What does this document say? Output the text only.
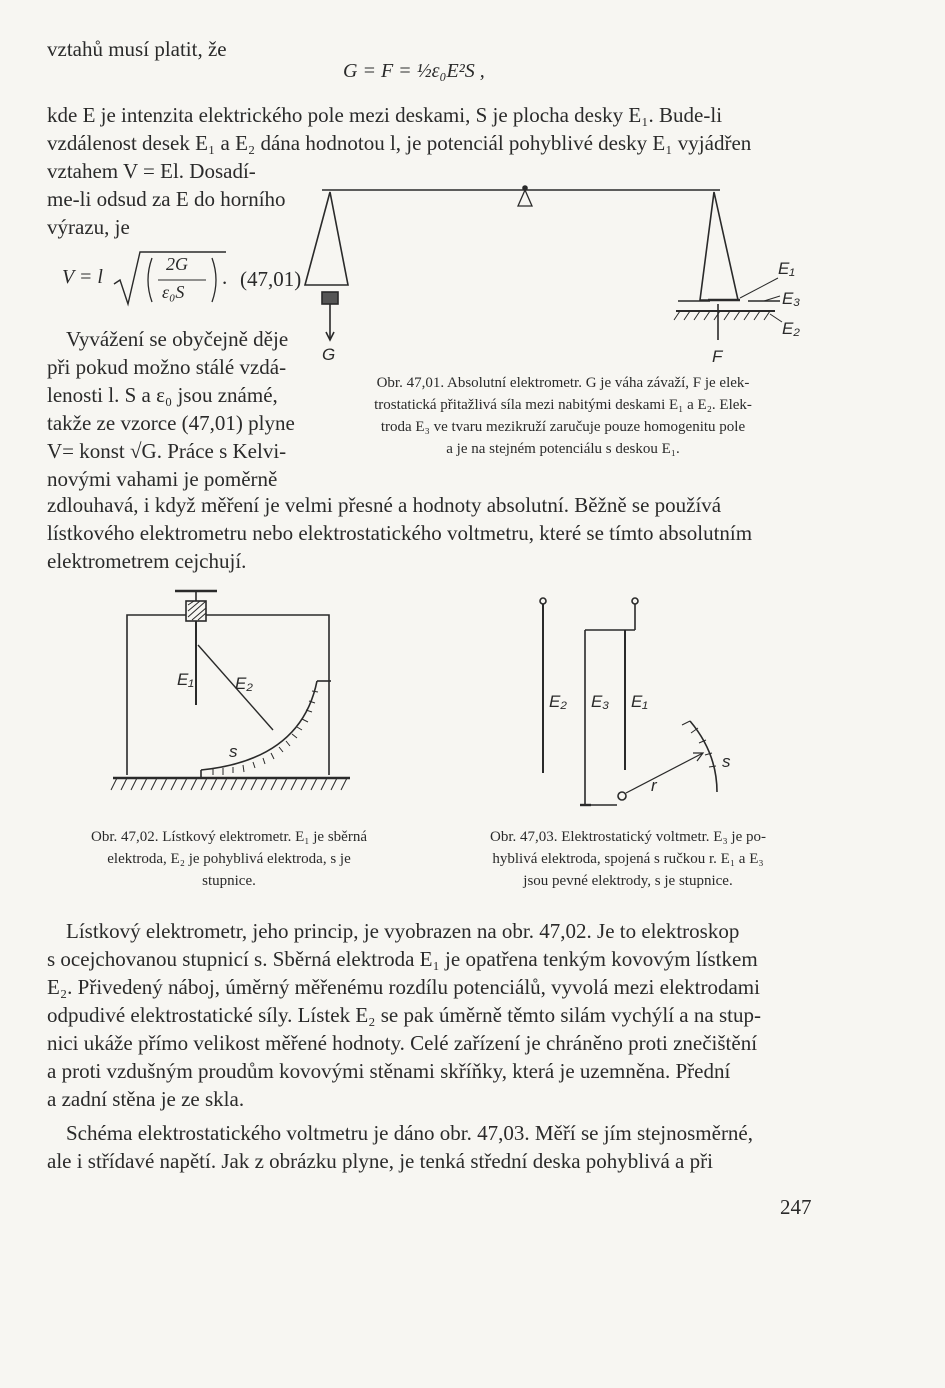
vztahů musí platit, že
G = F = ½ε₀E²S ,
kde E je intenzita elektrického pole mezi deskami, S je plocha desky E₁. Bude-li
vzdálenost desek E₁ a E₂ dána hodnotou l, je potenciál pohyblivé desky E₁ vyjádřen
vztahem V = El. Dosadí-
me-li odsud za E do horního
výrazu, je
V = l
2G
ε₀S
. (47,01)
Vyvážení se obyčejně děje
při pokud možno stálé vzdá-
lenosti l. S a ε₀ jsou známé,
takže ze vzorce (47,01) plyne
V= konst √G. Práce s Kelvi-
novými vahami je poměrně
G	F
E₁
E₃
E₂
Obr. 47,01. Absolutní elektrometr. G je váha závaží, F je elek-
trostatická přitažlivá síla mezi nabitými deskami E₁ a E₂. Elek-
troda E₃ ve tvaru mezikruží zaručuje pouze homogenitu pole
a je na stejném potenciálu s deskou E₁.
zdlouhavá, i když měření je velmi přesné a hodnoty absolutní. Běžně se používá
lístkového elektrometru nebo elektrostatického voltmetru, které se tímto absolutním
elektrometrem cejchují.
E₁ E₂
s
Obr. 47,02. Lístkový elektrometr. E₁ je sběrná
elektroda, E₂ je pohyblivá elektroda, s je
stupnice.
E₂ E₃ E₁
r
s
Obr. 47,03. Elektrostatický voltmetr. E₃ je po-
hyblivá elektroda, spojená s ručkou r. E₁ a E₃
jsou pevné elektrody, s je stupnice.
Lístkový elektrometr, jeho princip, je vyobrazen na obr. 47,02. Je to elektroskop
s ocejchovanou stupnicí s. Sběrná elektroda E₁ je opatřena tenkým kovovým lístkem
E₂. Přivedený náboj, úměrný měřenému rozdílu potenciálů, vyvolá mezi elektrodami
odpudivé elektrostatické síly. Lístek E₂ se pak úměrně těmto silám vychýlí a na stup-
nici ukáže přímo velikost měřené hodnoty. Celé zařízení je chráněno proti znečištění
a proti vzdušným proudům kovovými stěnami skříňky, která je uzemněna. Přední
a zadní stěna je ze skla.
Schéma elektrostatického voltmetru je dáno obr. 47,03. Měří se jím stejnosměrné,
ale i střídavé napětí. Jak z obrázku plyne, je tenká střední deska pohyblivá a při
247
